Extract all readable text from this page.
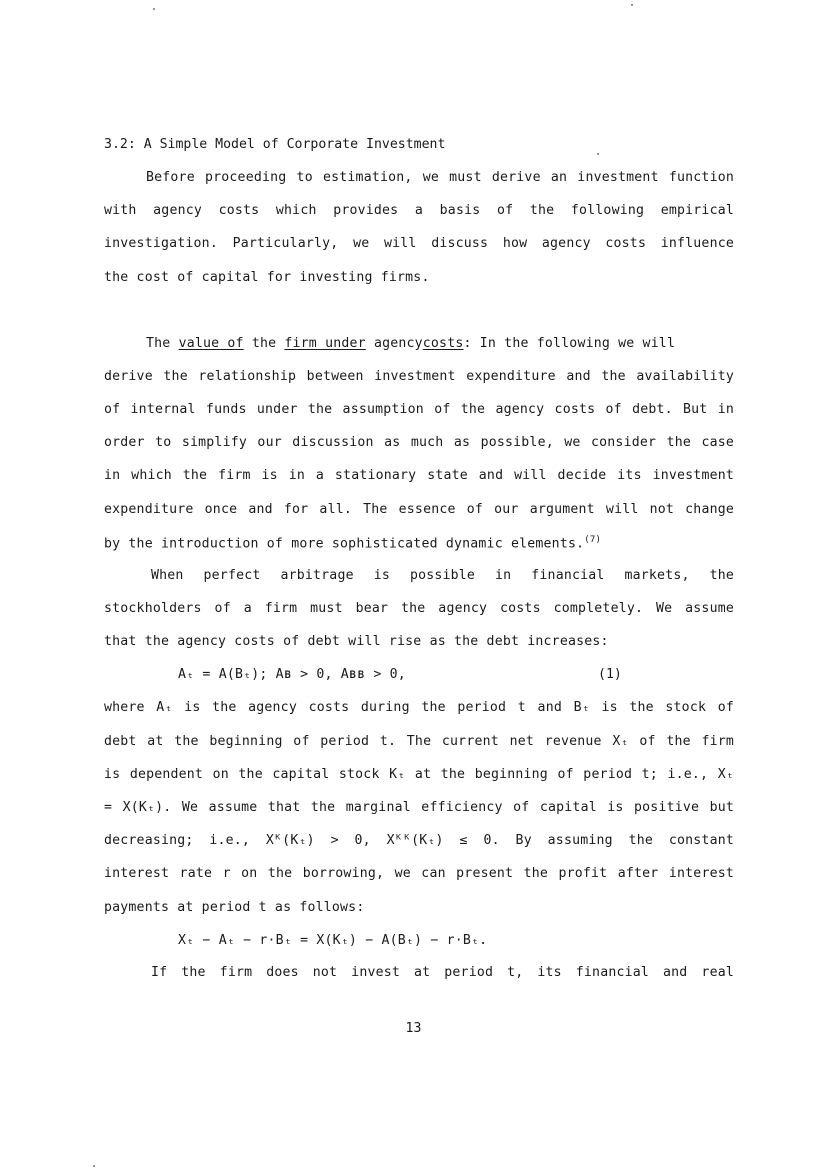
3.2: A Simple Model of Corporate Investment
Before proceeding to estimation, we must derive an investment function
with agency costs which provides a basis of the following empirical
investigation. Particularly, we will discuss how agency costs influence
the cost of capital for investing firms.
The value of the firm under agencycosts: In the following we will
derive the relationship between investment expenditure and the availability
of internal funds under the assumption of the agency costs of debt. But in
order to simplify our discussion as much as possible, we consider the case
in which the firm is in a stationary state and will decide its investment
expenditure once and for all. The essence of our argument will not change
by the introduction of more sophisticated dynamic elements.$^{(7)}$
When perfect arbitrage is possible in financial markets, the
stockholders of a firm must bear the agency costs completely. We assume
that the agency costs of debt will rise as the debt increases:
Aₜ = A(Bₜ); Aʙ > 0, Aʙʙ > 0,	(1)
where Aₜ is the agency costs during the period t and Bₜ is the stock of
debt at the beginning of period t. The current net revenue Xₜ of the firm
is dependent on the capital stock Kₜ at the beginning of period t; i.e., Xₜ
= X(Kₜ). We assume that the marginal efficiency of capital is positive but
decreasing; i.e., Xᴷ(Kₜ) > 0, Xᴷᴷ(Kₜ) ≤ 0. By assuming the constant
interest rate r on the borrowing, we can present the profit after interest
payments at period t as follows:
Xₜ − Aₜ − r·Bₜ = X(Kₜ) − A(Bₜ) − r·Bₜ.
If the firm does not invest at period t, its financial and real
13
